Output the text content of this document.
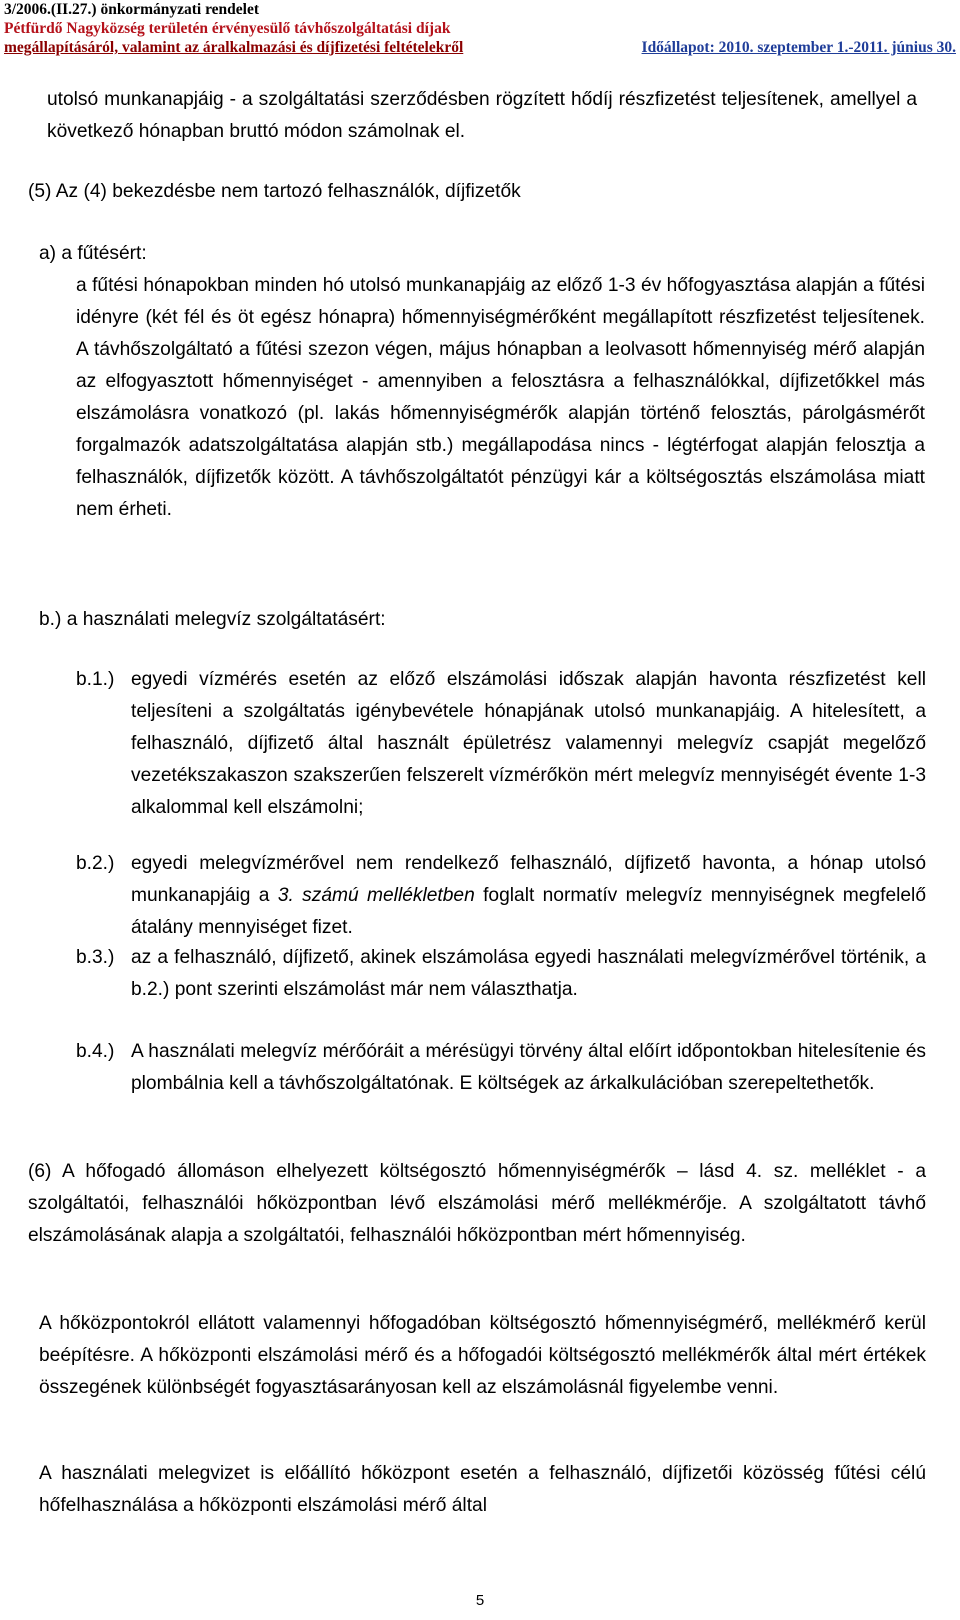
3/2006.(II.27.) önkormányzati rendelet
Pétfürdő Nagyközség területén érvényesülő távhőszolgáltatási díjak
megállapításáról, valamint az áralkalmazási és díjfizetési feltételekről	Időállapot: 2010. szeptember 1.-2011. június 30.
utolsó munkanapjáig - a szolgáltatási szerződésben rögzített hődíj részfizetést teljesítenek, amellyel a következő hónapban bruttó módon számolnak el.
(5) Az (4) bekezdésbe nem tartozó felhasználók, díjfizetők
a) a fűtésért:
a fűtési hónapokban minden hó utolsó munkanapjáig az előző 1-3 év hőfogyasztása alapján a fűtési idényre (két fél és öt egész hónapra) hőmennyiségmérőként megállapított részfizetést teljesítenek. A távhőszolgáltató a fűtési szezon végen, május hónapban a leolvasott hőmennyiség mérő alapján az elfogyasztott hőmennyiséget - amennyiben a felosztásra a felhasználókkal, díjfizetőkkel más elszámolásra vonatkozó (pl. lakás hőmennyiségmérők alapján történő felosztás, párolgásmérőt forgalmazók adatszolgáltatása alapján stb.) megállapodása nincs - légtérfogat alapján felosztja a felhasználók, díjfizetők között. A távhőszolgáltatót pénzügyi kár a költségosztás elszámolása miatt nem érheti.
b.) a használati melegvíz szolgáltatásért:
b.1.) egyedi vízmérés esetén az előző elszámolási időszak alapján havonta részfizetést kell teljesíteni a szolgáltatás igénybevétele hónapjának utolsó munkanapjáig. A hitelesített, a felhasználó, díjfizető által használt épületrész valamennyi melegvíz csapját megelőző vezetékszakaszon szakszerűen felszerelt vízmérőkön mért melegvíz mennyiségét évente 1-3 alkalommal kell elszámolni;
b.2.) egyedi melegvízmérővel nem rendelkező felhasználó, díjfizető havonta, a hónap utolsó munkanapjáig a 3. számú mellékletben foglalt normatív melegvíz mennyiségnek megfelelő átalány mennyiséget fizet.
b.3.) az a felhasználó, díjfizető, akinek elszámolása egyedi használati melegvízmérővel történik, a b.2.) pont szerinti elszámolást már nem választhatja.
b.4.) A használati melegvíz mérőóráit a mérésügyi törvény által előírt időpontokban hitelesítenie és plombálnia kell a távhőszolgáltatónak. E költségek az árkalkulációban szerepeltethetők.
(6) A hőfogadó állomáson elhelyezett költségosztó hőmennyiségmérők – lásd 4. sz. melléklet - a szolgáltatói, felhasználói hőközpontban lévő elszámolási mérő mellékmérője. A szolgáltatott távhő elszámolásának alapja a szolgáltatói, felhasználói hőközpontban mért hőmennyiség.
A hőközpontokról ellátott valamennyi hőfogadóban költségosztó hőmennyiségmérő, mellékmérő kerül beépítésre. A hőközponti elszámolási mérő és a hőfogadói költségosztó mellékmérők által mért értékek összegének különbségét fogyasztásarányosan kell az elszámolásnál figyelembe venni.
A használati melegvizet is előállító hőközpont esetén a felhasználó, díjfizetői közösség fűtési célú hőfelhasználása a hőközponti elszámolási mérő által
5
